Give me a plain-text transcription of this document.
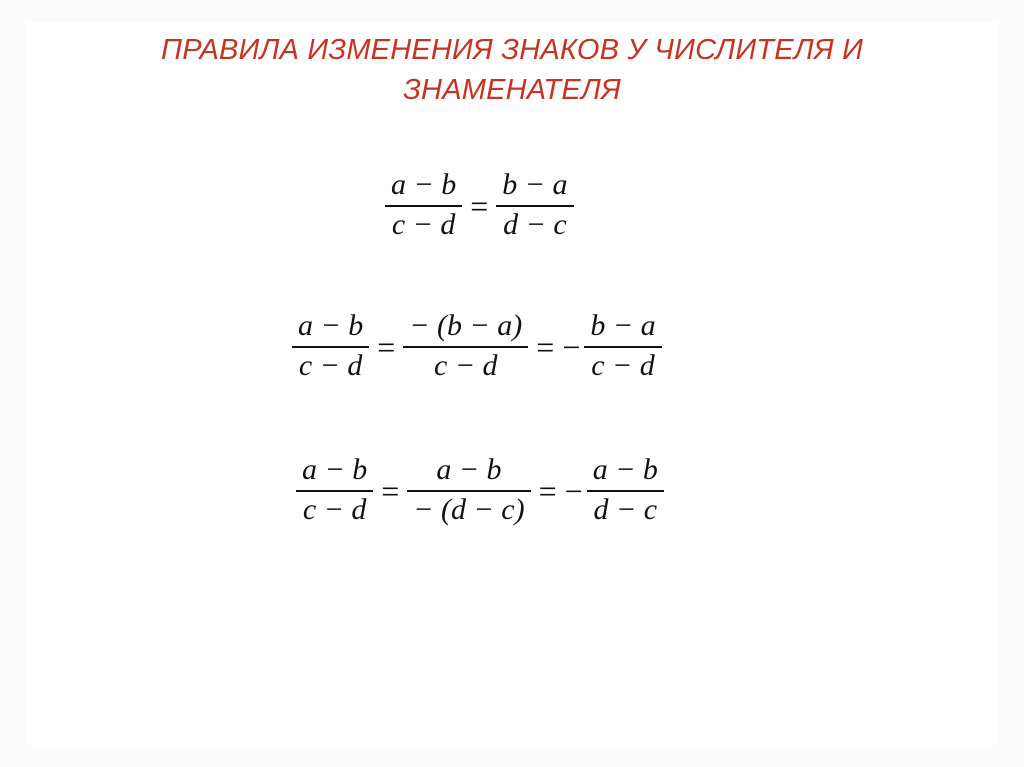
ПРАВИЛА ИЗМЕНЕНИЯ ЗНАКОВ У ЧИСЛИТЕЛЯ И
ЗНАМЕНАТЕЛЯ
$\frac{a - b}{c - d} = \frac{b - a}{d - c}$
$\frac{a - b}{c - d} = \frac{- (b - a)}{c - d}$ = − $\frac{b - a}{c - d}$
$\frac{a - b}{c - d} = \frac{a - b}{- (d - c)}$ = − $\frac{a - b}{d - c}$
